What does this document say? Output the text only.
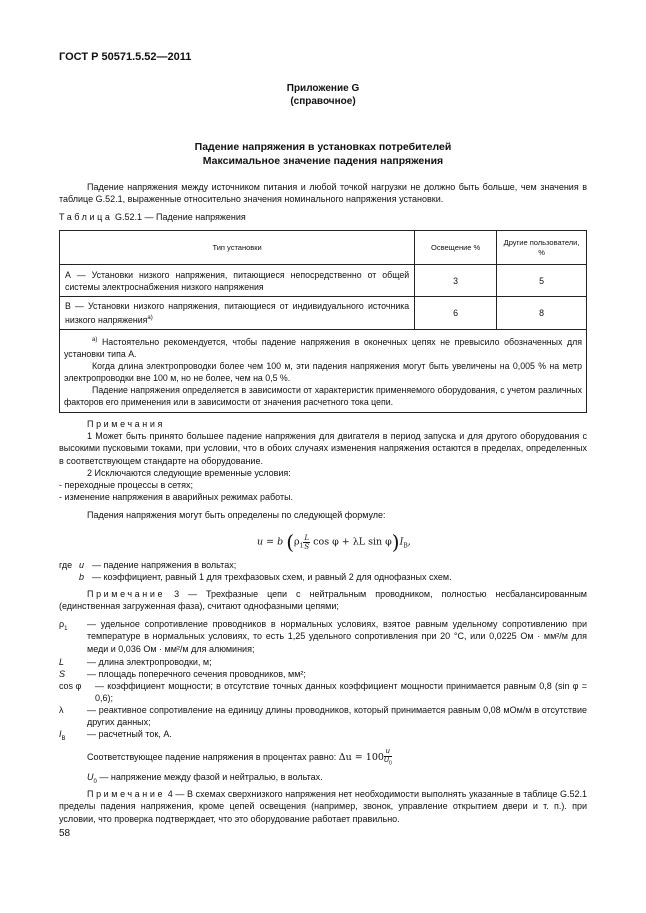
ГОСТ Р 50571.5.52—2011
Приложение G
(справочное)
Падение напряжения в установках потребителей
Максимальное значение падения напряжения
Падение напряжения между источником питания и любой точкой нагрузки не должно быть больше, чем значения в таблице G.52.1, выраженные относительно значения номинального напряжения установки.
Таблица G.52.1 — Падение напряжения
Тип установки	Освещение %	Другие пользователи, %
А — Установки низкого напряжения, питающиеся непосредственно от общей системы электроснабжения низкого напряжения	3	5
В — Установки низкого напряжения, питающиеся от индивидуального источника низкого напряжения$^{а)}$	6	8

$^{а)}$ Настоятельно рекомендуется, чтобы падение напряжения в оконечных цепях не превысило обозначенных для установки типа А.
Когда длина электропроводки более чем 100 м, эти падения напряжения могут быть увеличены на 0,005 % на метр электропроводки вне 100 м, но не более, чем на 0,5 %.
Падение напряжения определяется в зависимости от характеристик применяемого оборудования, с учетом различных факторов его применения или в зависимости от значения расчетного тока цепи.		
Примечания
1 Может быть принято большее падение напряжения для двигателя в период запуска и для другого оборудования с высокими пусковыми токами, при условии, что в обоих случаях изменения напряжения остаются в пределах, определенных в соответствующем стандарте на оборудование.
2 Исключаются следующие временные условия:
- переходные процессы в сетях;
- изменение напряжения в аварийных режимах работы.
Падения напряжения могут быть определены по следующей формуле:
u = b ($\rho_1 \frac{L}{S}$ cos φ + λL $\sin \varphi)I_B$,
где u — падение напряжения в вольтах;
b — коэффициент, равный 1 для трехфазовых схем, и равный 2 для однофазных схем.
Примечание 3 — Трехфазные цепи с нейтральным проводником, полностью несбалансированным (единственная загруженная фаза), считают однофазными цепями;
$\rho_1$ — удельное сопротивление проводников в нормальных условиях, взятое равным удельному сопротивлению при температуре в нормальных условиях, то есть 1,25 удельного сопротивления при 20 °С, или 0,0225 Ом · мм²/м для меди и 0,036 Ом · мм²/м для алюминия;
L	— длина электропроводки, м;
S — площадь поперечного сечения проводников, мм²;
cos φ — коэффициент мощности; в отсутствие точных данных коэффициент мощности принимается равным 0,8 (sin φ = 0,6);
λ	— реактивное сопротивление на единицу длины проводников, который принимается равным 0,08 мОм/м в отсутствие других данных;
$I_B$ — расчетный ток, А.
Соответствующее падение напряжения в процентах равно: $\Delta u = 100 \frac{u}{U_0}$
$U_0$ — напряжение между фазой и нейтралью, в вольтах.
Примечание 4 — В схемах сверхнизкого напряжения нет необходимости выполнять указанные в таблице G.52.1 пределы падения напряжения, кроме цепей освещения (например, звонок, управление открытием двери и т. п.). при условии, что проверка подтверждает, что это оборудование работает правильно.
58
